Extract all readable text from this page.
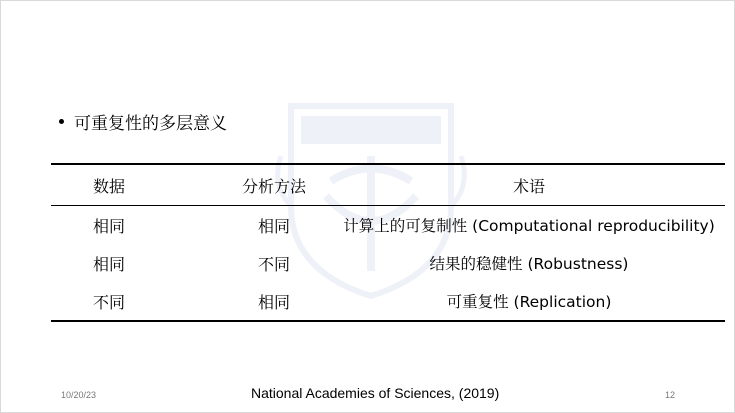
可重复性的多层意义
数据	分析方法	术语
相同	相同	计算上的可复制性 (Computational reproducibility)
相同	不同	结果的稳健性 (Robustness)
不同	相同	可重复性 (Replication)
10/20/23	National Academies of Sciences, (2019)	12
